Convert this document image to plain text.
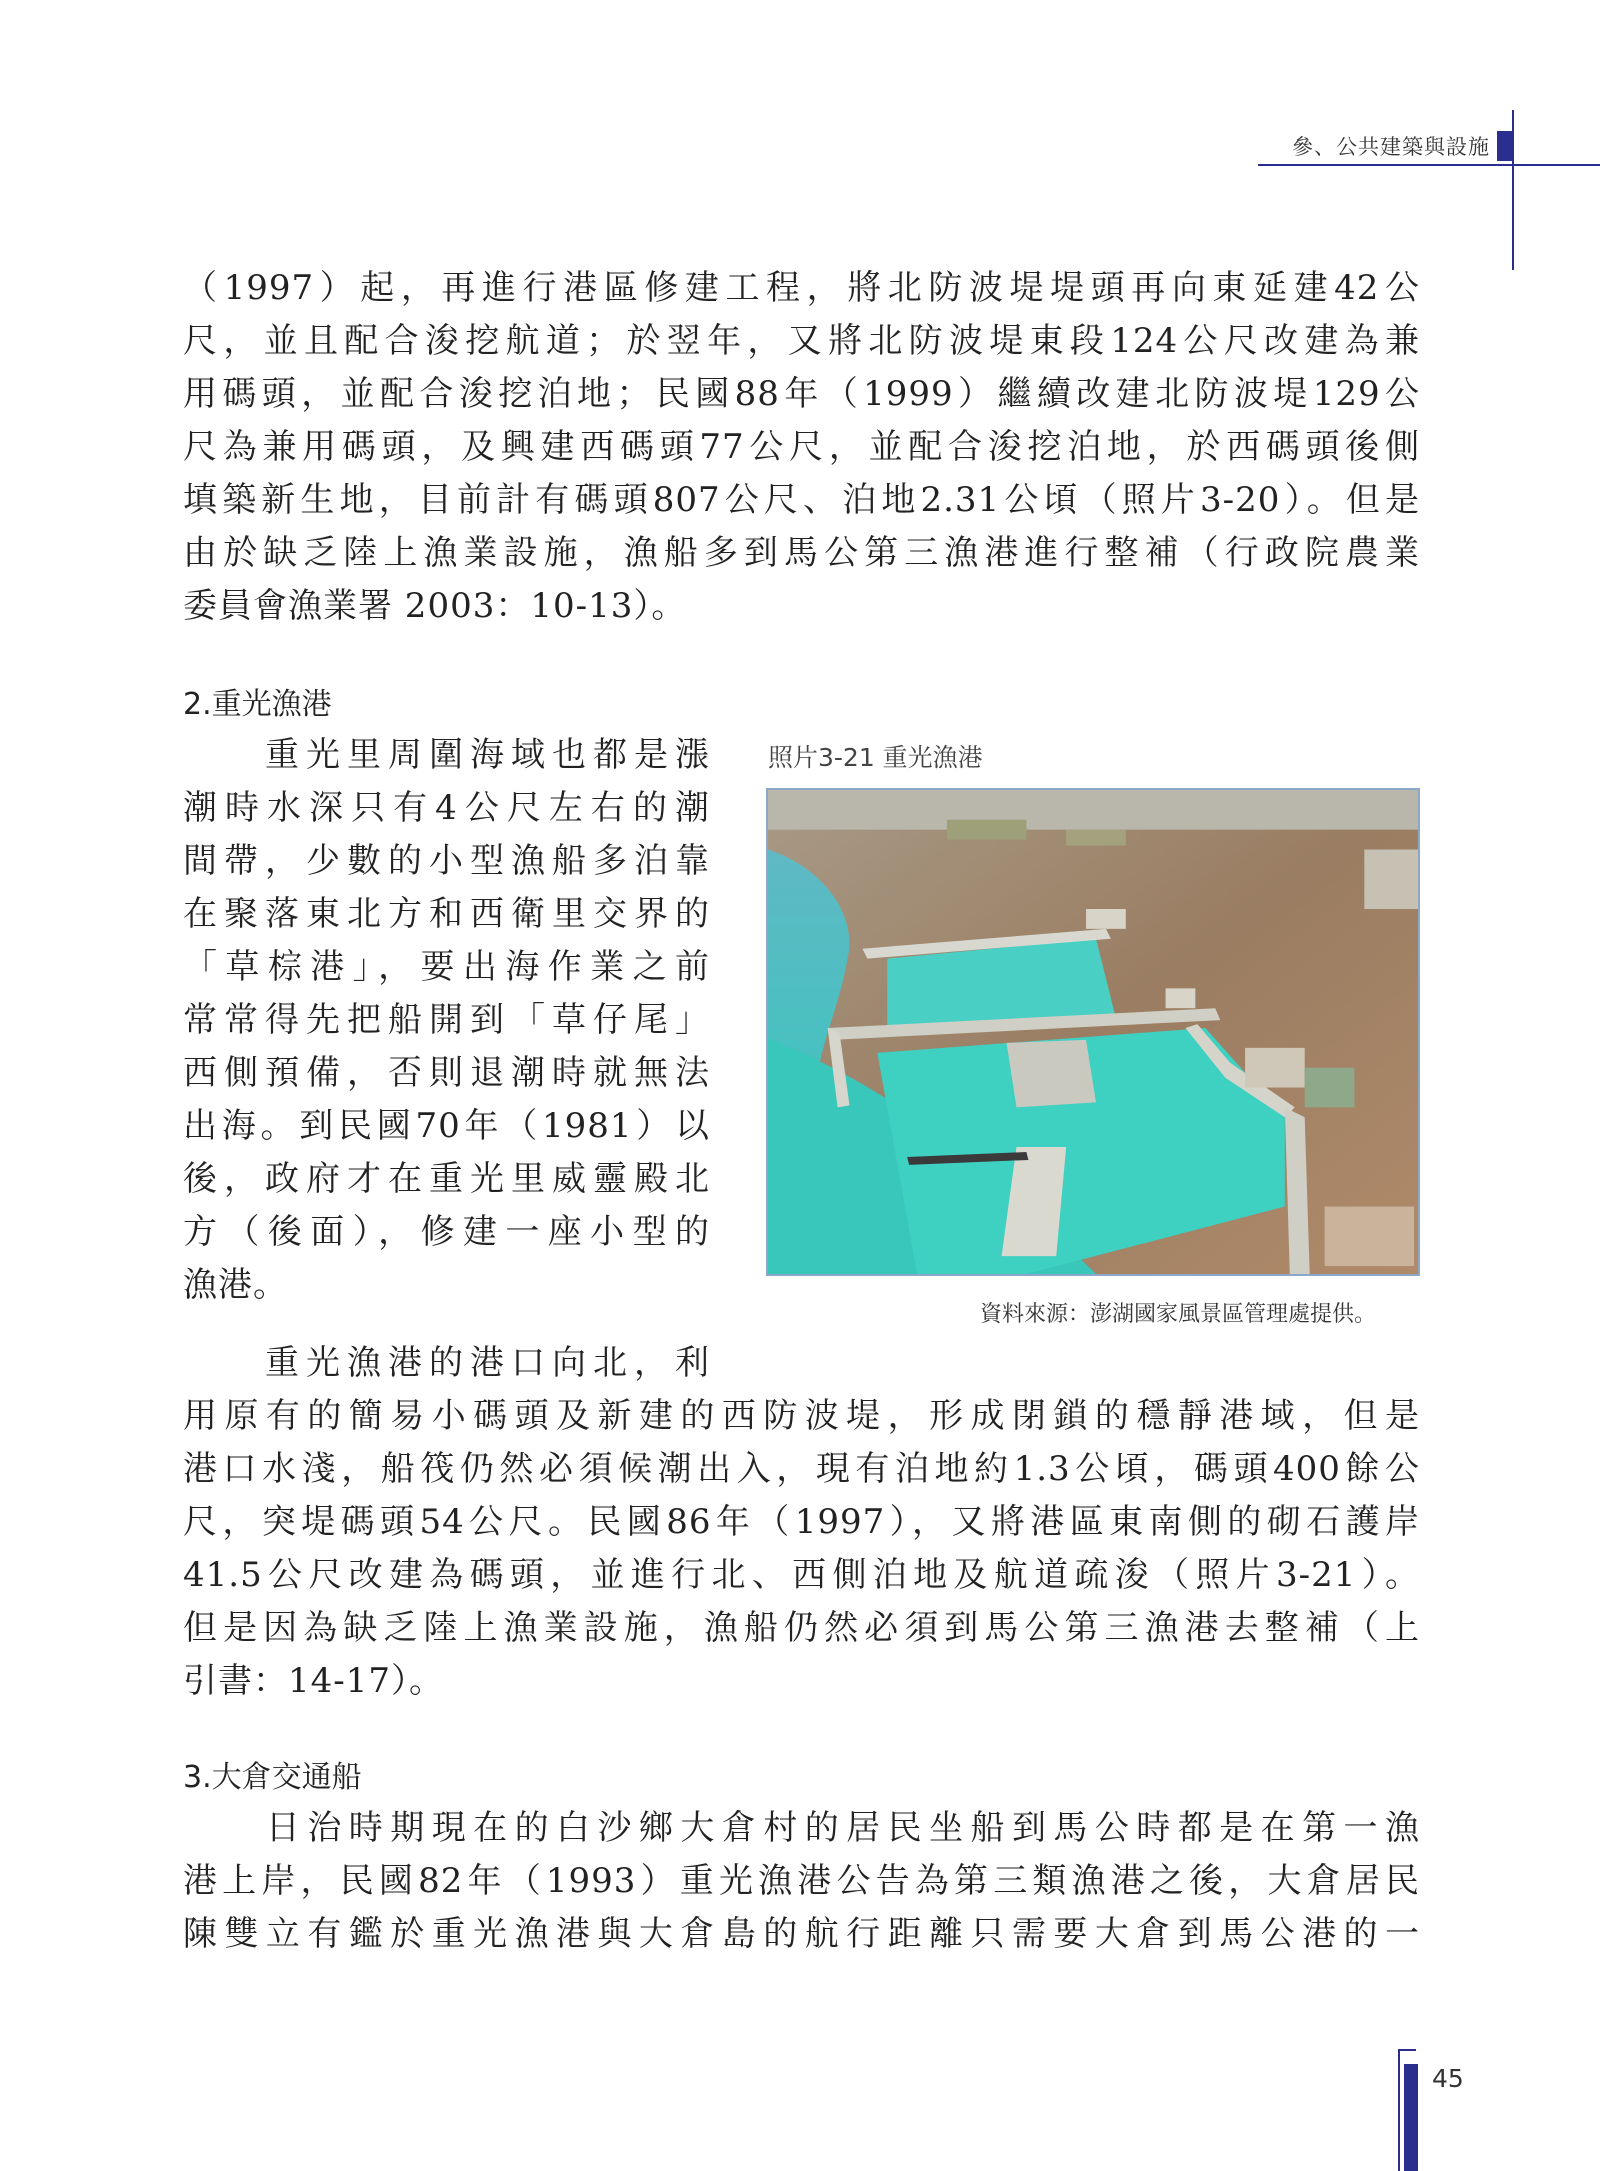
參、公共建築與設施
（1997）起，再進行港區修建工程，將北防波堤堤頭再向東延建42公
尺，並且配合浚挖航道；於翌年，又將北防波堤東段124公尺改建為兼
用碼頭，並配合浚挖泊地；民國88年（1999）繼續改建北防波堤129公
尺為兼用碼頭，及興建西碼頭77公尺，並配合浚挖泊地，於西碼頭後側
填築新生地，目前計有碼頭807公尺、泊地2.31公頃（照片3-20）。但是
由於缺乏陸上漁業設施，漁船多到馬公第三漁港進行整補（行政院農業
委員會漁業署 2003：10-13）。
2.重光漁港
　　重光里周圍海域也都是漲
潮時水深只有4公尺左右的潮
間帶，少數的小型漁船多泊靠
在聚落東北方和西衛里交界的
「草棕港」，要出海作業之前
常常得先把船開到「草仔尾」
西側預備，否則退潮時就無法
出海。到民國70年（1981）以
後，政府才在重光里威靈殿北
方（後面），修建一座小型的
漁港。
照片3-21 重光漁港
資料來源：澎湖國家風景區管理處提供。
　　重光漁港的港口向北，利
用原有的簡易小碼頭及新建的西防波堤，形成閉鎖的穩靜港域，但是
港口水淺，船筏仍然必須候潮出入，現有泊地約1.3公頃，碼頭400餘公
尺，突堤碼頭54公尺。民國86年（1997），又將港區東南側的砌石護岸
41.5公尺改建為碼頭，並進行北、西側泊地及航道疏浚（照片3-21）。
但是因為缺乏陸上漁業設施，漁船仍然必須到馬公第三漁港去整補（上
引書：14-17）。
3.大倉交通船
　　日治時期現在的白沙鄉大倉村的居民坐船到馬公時都是在第一漁
港上岸，民國82年（1993）重光漁港公告為第三類漁港之後，大倉居民
陳雙立有鑑於重光漁港與大倉島的航行距離只需要大倉到馬公港的一
45
